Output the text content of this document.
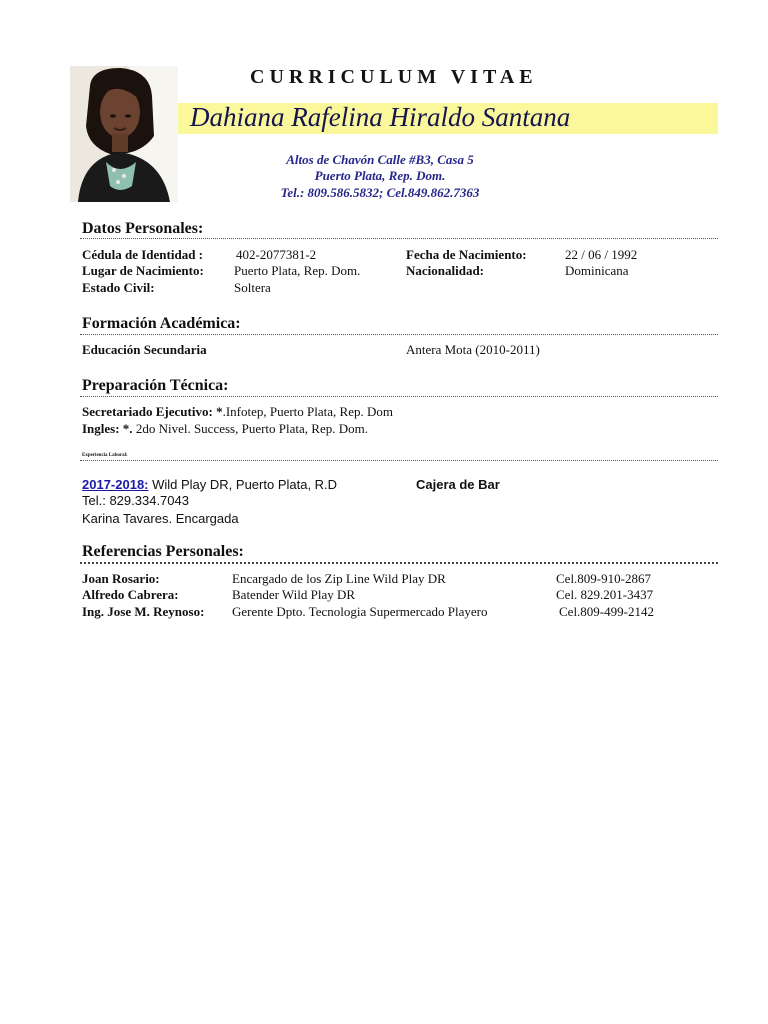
CURRICULUM VITAE
Dahiana Rafelina Hiraldo Santana
Altos de Chavón Calle #B3, Casa 5
Puerto Plata, Rep. Dom.
Tel.: 809.586.5832; Cel.849.862.7363
Datos Personales:
Cédula de Identidad :	402-2077381-2	Fecha de Nacimiento:	22 / 06 / 1992
Lugar de Nacimiento: Puerto Plata, Rep. Dom.	Nacionalidad:	Dominicana
Estado Civil:	Soltera
Formación Académica:
Educación Secundaria	Antera Mota (2010-2011)
Preparación Técnica:
Secretariado Ejecutivo: *.Infotep, Puerto Plata, Rep. Dom
Ingles: *. 2do Nivel. Success, Puerto Plata, Rep. Dom.
Experiencia Laboral:
2017-2018: Wild Play DR, Puerto Plata, R.D	Cajera de Bar
Tel.: 829.334.7043
Karina Tavares. Encargada
Referencias Personales:
Joan Rosario:	Encargado de los Zip Line Wild Play DR	Cel.809-910-2867
Alfredo Cabrera:	Batender Wild Play DR	Cel. 829.201-3437
Ing. Jose M. Reynoso: Gerente Dpto. Tecnologia Supermercado Playero	Cel.809-499-2142
